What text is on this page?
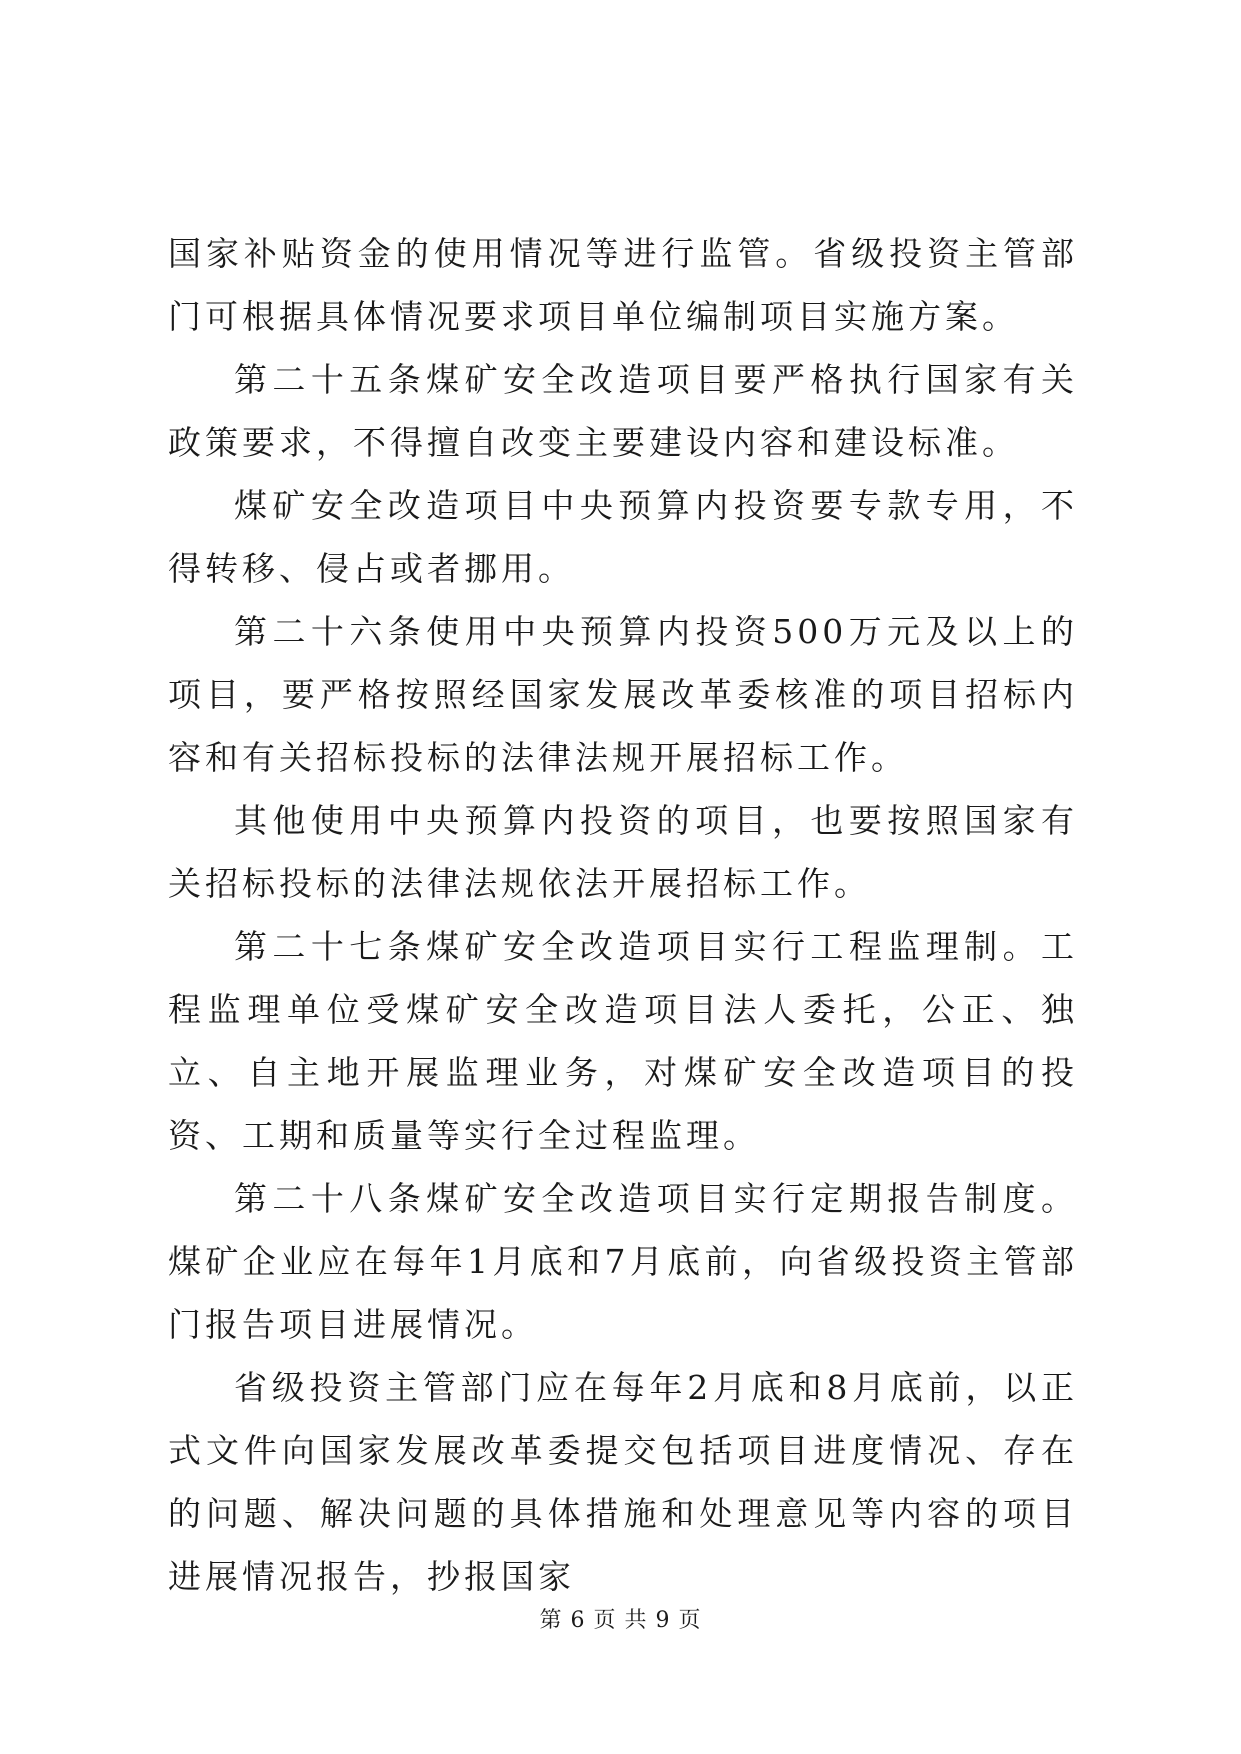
国家补贴资金的使用情况等进行监管。省级投资主管部门可根据具体情况要求项目单位编制项目实施方案。

第二十五条煤矿安全改造项目要严格执行国家有关政策要求，不得擅自改变主要建设内容和建设标准。

煤矿安全改造项目中央预算内投资要专款专用，不得转移、侵占或者挪用。

第二十六条使用中央预算内投资500万元及以上的项目，要严格按照经国家发展改革委核准的项目招标内容和有关招标投标的法律法规开展招标工作。

其他使用中央预算内投资的项目，也要按照国家有关招标投标的法律法规依法开展招标工作。

第二十七条煤矿安全改造项目实行工程监理制。工程监理单位受煤矿安全改造项目法人委托，公正、独立、自主地开展监理业务，对煤矿安全改造项目的投资、工期和质量等实行全过程监理。

第二十八条煤矿安全改造项目实行定期报告制度。煤矿企业应在每年1月底和7月底前，向省级投资主管部门报告项目进展情况。

省级投资主管部门应在每年2月底和8月底前，以正式文件向国家发展改革委提交包括项目进度情况、存在的问题、解决问题的具体措施和处理意见等内容的项目进展情况报告，抄报国家

第 6 页 共 9 页
